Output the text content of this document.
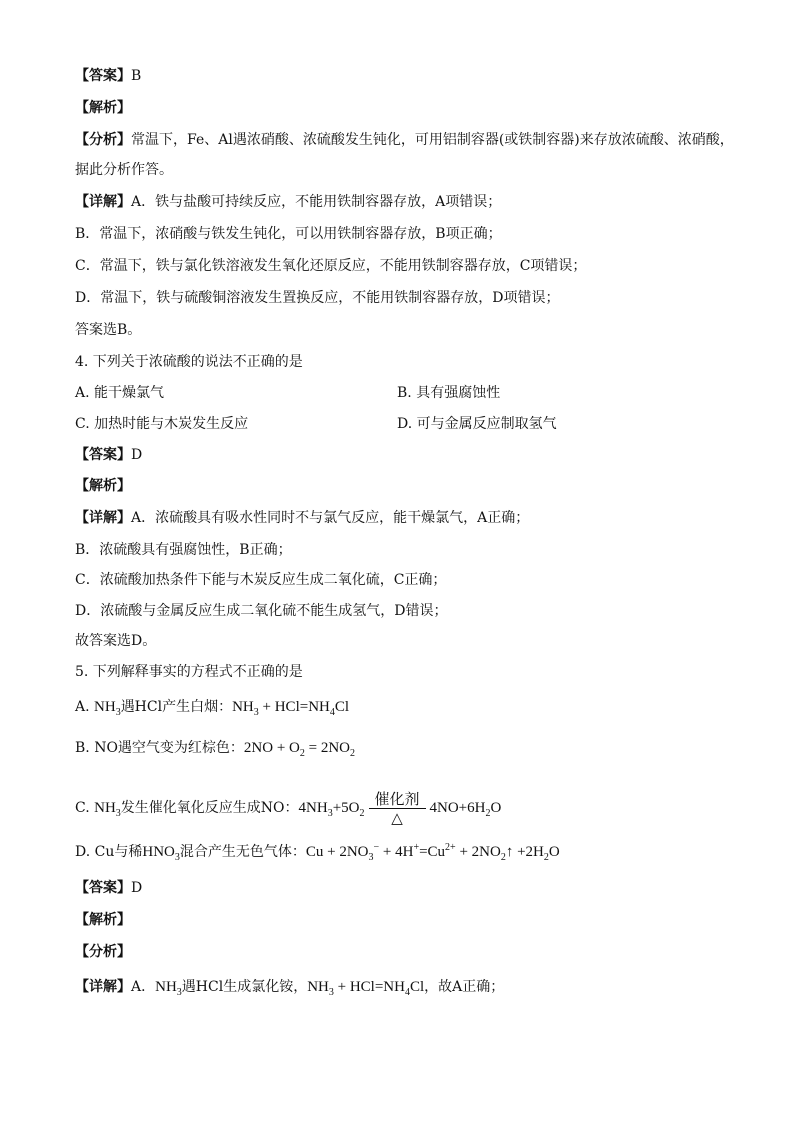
【答案】B
【解析】
【分析】常温下，Fe、Al遇浓硝酸、浓硫酸发生钝化，可用铝制容器(或铁制容器)来存放浓硫酸、浓硝酸，
据此分析作答。
【详解】A．铁与盐酸可持续反应，不能用铁制容器存放，A项错误；
B．常温下，浓硝酸与铁发生钝化，可以用铁制容器存放，B项正确；
C．常温下，铁与氯化铁溶液发生氧化还原反应，不能用铁制容器存放，C项错误；
D．常温下，铁与硫酸铜溶液发生置换反应，不能用铁制容器存放，D项错误；
答案选B。
4. 下列关于浓硫酸的说法不正确的是
A. 能干燥氯气	B. 具有强腐蚀性
C. 加热时能与木炭发生反应	D. 可与金属反应制取氢气
【答案】D
【解析】
【详解】A．浓硫酸具有吸水性同时不与氯气反应，能干燥氯气，A正确；
B．浓硫酸具有强腐蚀性，B正确；
C．浓硫酸加热条件下能与木炭反应生成二氧化硫，C正确；
D．浓硫酸与金属反应生成二氧化硫不能生成氢气，D错误；
故答案选D。
5. 下列解释事实的方程式不正确的是
A. $NH_3$遇HCl产生白烟：$NH_3 + HCl=NH_4Cl$
B. NO遇空气变为红棕色：$2NO + O_2 = 2NO_2$
C. $NH_3$发生催化氧化反应生成NO：$4NH_3+5O_2$
催化剂
△
$4NO+6H_2O$
D. Cu与稀$HNO_3$混合产生无色气体：$Cu + 2NO_3^- + 4H^+=Cu^{2+}$ + $2NO_2↑ +2H_2O$
【答案】D
【解析】
【分析】
【详解】A．$NH_3$遇HCl生成氯化铵，$NH_3 + HCl=NH_4Cl$，故A正确；
